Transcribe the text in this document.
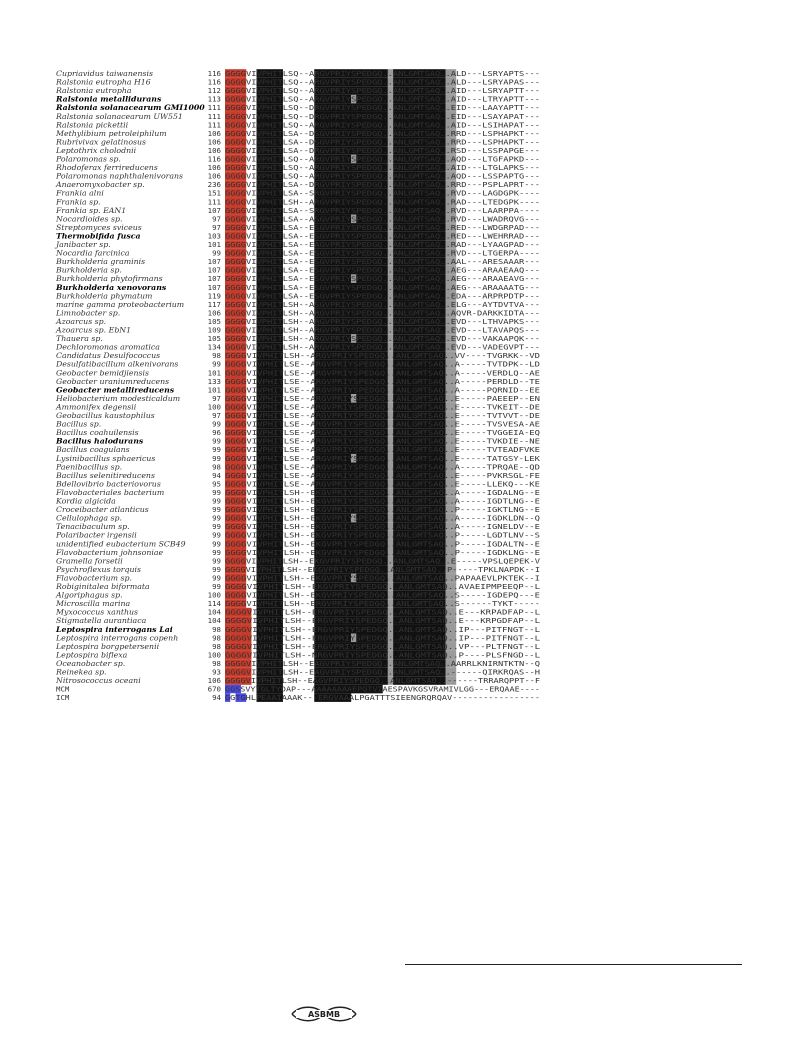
Cupriavidus taiwanensis	116 GGGGVIVPHITLSQ--ARGVPRIYSPEDGQ..ANLGMTSAQ..ALD---LSRYAPTS---
Ralstonia eutropha H16	116 GGGGVIVPHITLSQ--ARGVPRIYSPEDGQ..ANLGMTSAQ..ALD---LSRYAPAS---
Ralstonia eutropha	112 GGGGVIVPHITLSQ--ARGVPRIYSPEDGQ..ANLGMTSAQ..AID---LSRYAPTT---
Ralstonia metallidurans	113 GGGGVIVPHITLSQ--ARGVPRIYSPEDGQ..ANLGMTSAQ..AID---LTRYAPTT---
Ralstonia solanacearum GMI1000 111 GGGGVIVPHITLSQ--DRGVPRIYSPEDGQ..ANLGMTSAQ..EID---LAAYAPTT---
Ralstonia solanacearum UW551	111 GGGGVIVPHITLSQ--DRGVPRIYSPEDGQ..ANLGMTSAQ..EID---LSAYAPAT---
Ralstonia pickettii	111 GGGGVIVPHITLSQ--ARGVPRIYSPEDGQ..ANLGMTSAQ..AID---LSIHAPAT---
Methylibium petroleiphilum	106 GGGGVIVPHITLSA--DSGVPRIYSPEDGQ..ANLGMTSAQ..RRD---LSPHAPKT---
Rubrivivax gelatinosus	106 GGGGVIVPHITLSA--DSGVPRIYSPEDGQ..ANLGMTSAQ..RRD---LSPHAPKT---
Leptothrix cholodnii	106 GGGGVIVPHITLSA--DRGVPRIYSPEDGQ..ANLGMTSAQ..RSD---LSSPAPGE---
Polaromonas sp.	116 GGGGVIVPHITLSQ--ARGVPRIYSPEDGQ..ANLGMTSAQ..AQD---LTGFAPKD---
Rhodoferax ferrireducens	106 GGGGVIVPHITLSQ--ARGVPRIYSPEDGQ..ANLGMTSAQ..AID---LTGLAPKS---
Polaromonas naphthalenivorans	106 GGGGVIVPHITLSQ--ARGVPRIYSPEDGQ..ANLGMTSAQ..AQD---LSSPAPTG---
Anaeromyxobacter sp.	236 GGGGVIVPHITLSA--DRGVPRIYSPEDGQ..ANLGMTSAQ..RRD---PSPLAPRT---
Frankia alni	151 GGGGVIVPHITLSA--SRGVPRIYSPEDGQ..ANLGMTSAQ..RVD---LAGDGPK----
Frankia sp.	111 GGGGVIVPHITLSH--ARGVPRIYSPEDGQ..ANLGMTSAQ..RAD---LTEDGPK----
Frankia sp. EAN1	107 GGGGVIVPHITLSA--SRGVPRIYSPEDGQ..ANLGMTSAQ..RVD---LAARPPA----
Nocardioides sp.	97 GGGGVIVPHITLSA--ASGVPRIYSPEDGQ..ANLGMTSAQ..RVD---LWADRQVG---
Streptomyces sviceus	97 GGGGVIVPHITLSA--ESGVPRIYSPEDGQ..ANLGMTSAQ..RED---LWDGRPAD---
Thermobifida fusca	103 GGGGVIVPHITLSA--ESGVPRIYSPEDGQ..ANLGMTSAQ..RED---LWEHRRAD---
Janibacter sp.	101 GGGGVIVPHITLSA--EAGVPRIYSPEDGQ..ANLGMTSAQ..RAD---LYAAGPAD---
Nocardia farcinica	99 GGGGVIVPHITLSA--ESGVPRIYSPEDGQ..ANLGMTSAQ..RVD---LTGERPA----
Burkholderia graminis	107 GGGGVIVPHITLSA--ESGVPRIYSPEDGQ..ANLGMTSAQ..AAL---ARESAAAR---
Burkholderia sp.	107 GGGGVIVPHITLSA--ESGVPRIYSPEDGQ..ANLGMTSAQ..AEG---ARAAEAAQ---
Burkholderia phytofirmans	107 GGGGVIVPHITLSA--ESGVPRIYSPEDGQ..ANLGMTSAQ..AEG---ARAAEAVG---
Burkholderia xenovorans	107 GGGGVIVPHITLSA--ESGVPRIYSPEDGQ..ANLGMTSAQ..AEG---ARAAAATG---
Burkholderia phymatum	119 GGGGVIVPHITLSA--ESGVPRIYSPEDGQ..ANLGMTSAQ..EDA---ARPRPDTP---
marine gamma proteobacterium	117 GGGGVIVPHITLSH--ASGVPRIYSPEDGQ..ANLGMTSAQ..ELG---AYTDVTVA---
Limnobacter sp.	106 GGGGVIVPHITLSH--ARGVPRIYSPEDGQ..ANLGMTSAQ..AQVR-DARKKIDTA---
Azoarcus sp.	105 GGGGVIVPHITLSH--ARGVPRIYSPEDGQ..ANLGMTSAQ..EVD---LTHVAPKS---
Azoarcus sp. EbN1	109 GGGGVIVPHITLSH--ARGVPRIYSPEDGQ..ANLGMTSAQ..EVD---LTAVAPQS---
Thauera sp.	105 GGGGVIVPHITLSH--ARGVPRIYSPEDGQ..ANLGMTSAQ..EVD---VAKAAPQK---
Dechloromonas aromatica	134 GGGGVIVPHITLSH--ARGVPRIYSPEDGQ..ANLGMTSAQ..EVD---VADEGVPT---
Candidatus Desulfococcus	98 GGGGVIVPHITLSH--ARGVPRIYSPEDGQ..ANLGMTSAQ..VV----TVGRKK--VD
Desulfatibacillum alkenivorans	99 GGGGVIVPHITLSE--ARGVPRIYSPEDGQ..ANLGMTSAQ..A-----TVTDPK--LD
Geobacter bemidjiensis	101 GGGGVIVPHITLSE--ARGVPRIYSPEDGQ..ANLGMTSAQ..A-----VERDLQ--AE
Geobacter uraniumreducens	133 GGGGVIVPHITLSE--ARGVPRIYSPEDGQ..ANLGMTSAQ..A-----PERDLD--TE
Geobacter metallireducens	101 GGGGVIVPHITLSE--ARGVPRIYSPEDGQ..ANLGMTSAQ..A-----PQRNID--EE
Heliobacterium modesticaldum	97 GGGGVIVPHITLSE--ARGVPRIYSPEDGQ..ANLGMTSAQ..E-----PAEEEP--EN
Ammonifex degensii	100 GGGGVIVPHITLSE--ARGVPRIYSPEDGQ..ANLGMTSAQ..E-----TVKEIT--DE
Geobacillus kaustophilus	97 GGGGVIVPHITLSE--ARGVPRIYSPEDGQ..ANLGMTSAQ..E-----TVTVVT--DE
Bacillus sp.	99 GGGGVIVPHITLSE--ARGVPRIYSPEDGQ..ANLGMTSAQ..E-----TVSVESA-AE
Bacillus coahuilensis	96 GGGGVIVPHITLSE--ARGVPRIYSPEDGQ..ANLGMTSAQ..E-----TVGGEIA-EQ
Bacillus halodurans	99 GGGGVIVPHITLSE--ARGVPRIYSPEDGQ..ANLGMTSAQ..E-----TVKDIE--NE
Bacillus coagulans	99 GGGGVIVPHITLSE--ARGVPRIYSPEDGQ..ANLGMTSAQ..E-----TVTEADFVKE
Lysinibacillus sphaericus	99 GGGGVIVPHITLSE--ARGVPRIYSPEDGQ..ANLGMTSAQ..E-----TATGSY-LEK
Paenibacillus sp.	98 GGGGVIVPHITLSE--ARGVPRIYSPEDGQ..ANLGMTSAQ..A-----TPRQAE--QD
Bacillus selenitireducens	94 GGGGVIVPHITLSE--ARGVPRIYSPEDGQ..ANLGMTSAQ..E-----PVKRSGL-FE
Bdellovibrio bacteriovorus	95 GGGGVIVPHITLSE--ARGVPRIYSPEDGQ..ANLGMTSAQ..E-----LLEKQ---KE
Flavobacteriales bacterium	99 GGGGVIVPHITLSH--EKGVPRIYSPEDGQ..ANLGMTSAQ..A-----IGDALNG--E
Kordia algicida	99 GGGGVIVPHITLSH--EKGVPRIYSPEDGQ..ANLGMTSAQ..A-----IGDTLNG--E
Croceibacter atlanticus	99 GGGGVIVPHITLSH--EKGVPRIYSPEDGQ..ANLGMTSAQ..P-----IGKTLNG--E
Cellulophaga sp.	99 GGGGVIVPHITLSH--EKGVPRIYSPEDGQ..ANLGMTSAQ..A-----IGDKLDN--Q
Tenacibaculum sp.	99 GGGGVIVPHITLSH--EKGVPRIYSPEDGQ..ANLGMTSAQ..A-----IGNELDV--E
Polaribacter irgensii	99 GGGGVIVPHITLSH--EKGVPRIYSPEDGQ..ANLGMTSAQ..P-----LGDTLNV--S
unidentified eubacterium SCB49	99 GGGGVIVPHITLSH--EKGVPRIYSPEDGQ..ANLGMTSAQ..P-----IGDALTN--E
Flavobacterium johnsoniae	99 GGGGVIVPHITLSH--EKGVPRIYSPEDGQ..ANLGMTSAQ..P-----IGDKLNG--E
Gramella forsetii	99 GGGGVIVPHITLSH--EKGVPRIYSPEDGQ..ANLGMTSAQ..E-----VPSLQEPEK-V
Psychroflexus torquis	99 GGGGVIVPHITLSH--EKGVPRIYSPEDGQ..ANLGMTSAQ..P-----TPKLNAPDK--I
Flavobacterium sp.	99 GGGGVIVPHITLSH--EKGVPRIYSPEDGQ..ANLGMTSAQ..PAPAAEVLPKTEK--I
Robiginitalea biformata	99 GGGGVIVPHITLSH--EKGVPRIYSPEDGQ..ANLGMTSAQ..AVAEIPMPEEQP--L
Algoriphagus sp.	100 GGGGVIVPHITLSH--EKGVPRIYSPEDGQ..ANLGMTSAQ..S-----IGDEPQ---E
Microscilla marina	114 GGGGVIVPHITLSH--ERGVPRIYSPEDGQ..ANLGMTSAQ..S------TYKT-----
Myxococcus xanthus	104 GGGGVIVPHITLSH--ERGVPRIYSPEDGQ..ANLGMTSAQ..E---KRPADFAP--L
Stigmatella aurantiaca	104 GGGGVIVPHITLSH--ERGVPRIYSPEDGQ..ANLGMTSAQ..E---KRPGDFAP--L
Leptospira interrogans Lai	98 GGGGVIVPHITLSH--ERGVPRIYSPEDGQ..ANLGMTSAQ..IP---PITFNGT--L
Leptospira interrogans copenh	98 GGGGVIVPHITLSH--ERGVPRIYSPEDGQ..ANLGMTSAQ..IP---PITFNGT--L
Leptospira borgpetersenii	98 GGGGVIVPHITLSH--ERGVPRIYSPEDGQ..ANLGMTSAQ..VP---PLTFNGT--L
Leptospira biflexa	100 GGGGVIVPHITLSH--NRGVPRIYSPEDGQ..ANLGMTSAQ..P----PLSFNGD--L
Oceanobacter sp.	98 GGGGVIVPHITLSH--EAGVPRIYSPEDGQ..ANLGMTSAQ..AARRLKNIRNTKTN--Q
Reinekea sp.	93 GGGGVIVPHITLSH--EAGVPRIYSPEDGQ..ANLGMTSAQ..------QIRKRQAS--H
Nitrosococcus oceani	106 GGGGVIVPHITLSH--EAGVPRIYSPEDGQ..ANLGMTSAQ..------TRRARQPPT--F
MCM	670 GGSSVYTGLTYDAP---AAAAAAAAEPGTVIAESPAVKGSVRAMIVLGG---ERQAAE----
ICM	94 GGTGHLPEAAIAAAK---ERGVAAALPGATTTSIEENGRQRQAV-----------------
ASBMB
